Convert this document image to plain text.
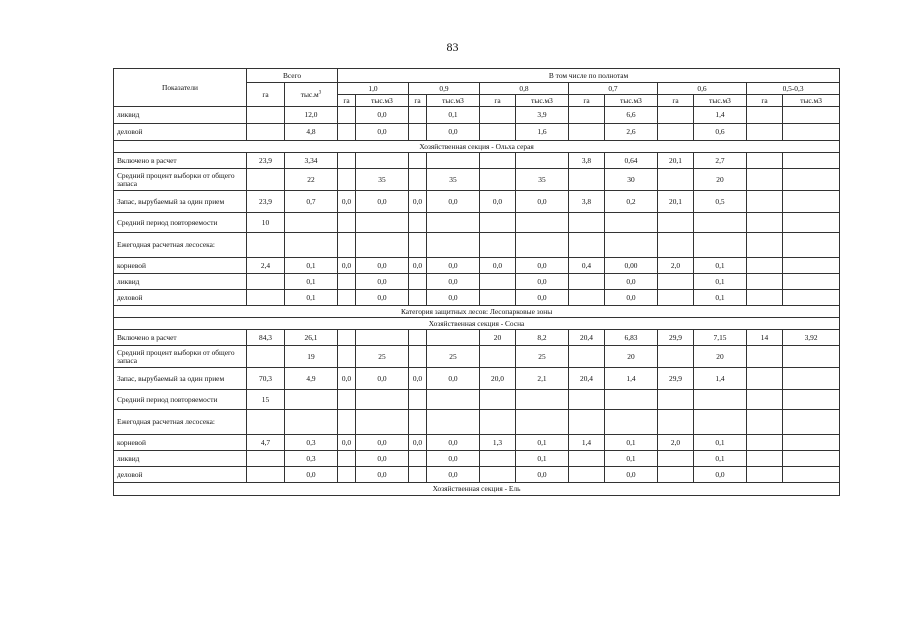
83
Показатели	Всего		В том числе по полнотам											
	га	$тыс.м^3$	1,0		0,9		0,8		0,7		0,6		0,5-0,3	
			га	тыс.м3	га	тыс.м3	га	тыс.м3	га	тыс.м3	га	тыс.м3	га	тыс.м3
ликвид		12,0		0,0		0,1		3,9		6,6		1,4		
деловой		4,8		0,0		0,0		1,6		2,6		0,6		
Хозяйственная секция - Ольха серая														
Включено в расчет	23,9	3,34							3,8	0,64	20,1	2,7		
Средний процент выборки от общего запаса		22		35		35		35		30		20		
Запас, вырубаемый за один прием	23,9	0,7	0,0	0,0	0,0	0,0	0,0	0,0	3,8	0,2	20,1	0,5		
Средний период повторяемости	10													
Ежегодная расчетная лесосека:														
корневой	2,4	0,1	0,0	0,0	0,0	0,0	0,0	0,0	0,4	0,00	2,0	0,1		
ликвид		0,1		0,0		0,0		0,0		0,0		0,1		
деловой		0,1		0,0		0,0		0,0		0,0		0,1		
Категория защитных лесов: Лесопарковые зоны														
Хозяйственная секция - Сосна														
Включено в расчет	84,3	26,1					20	8,2	20,4	6,83	29,9	7,15	14	3,92
Средний процент выборки от общего запаса		19		25		25		25		20		20		
Запас, вырубаемый за один прием	70,3	4,9	0,0	0,0	0,0	0,0	20,0	2,1	20,4	1,4	29,9	1,4		
Средний период повторяемости	15													
Ежегодная расчетная лесосека:														
корневой	4,7	0,3	0,0	0,0	0,0	0,0	1,3	0,1	1,4	0,1	2,0	0,1		
ликвид		0,3		0,0		0,0		0,1		0,1		0,1		
деловой		0,0		0,0		0,0		0,0		0,0		0,0		
Хозяйственная секция - Ель														
